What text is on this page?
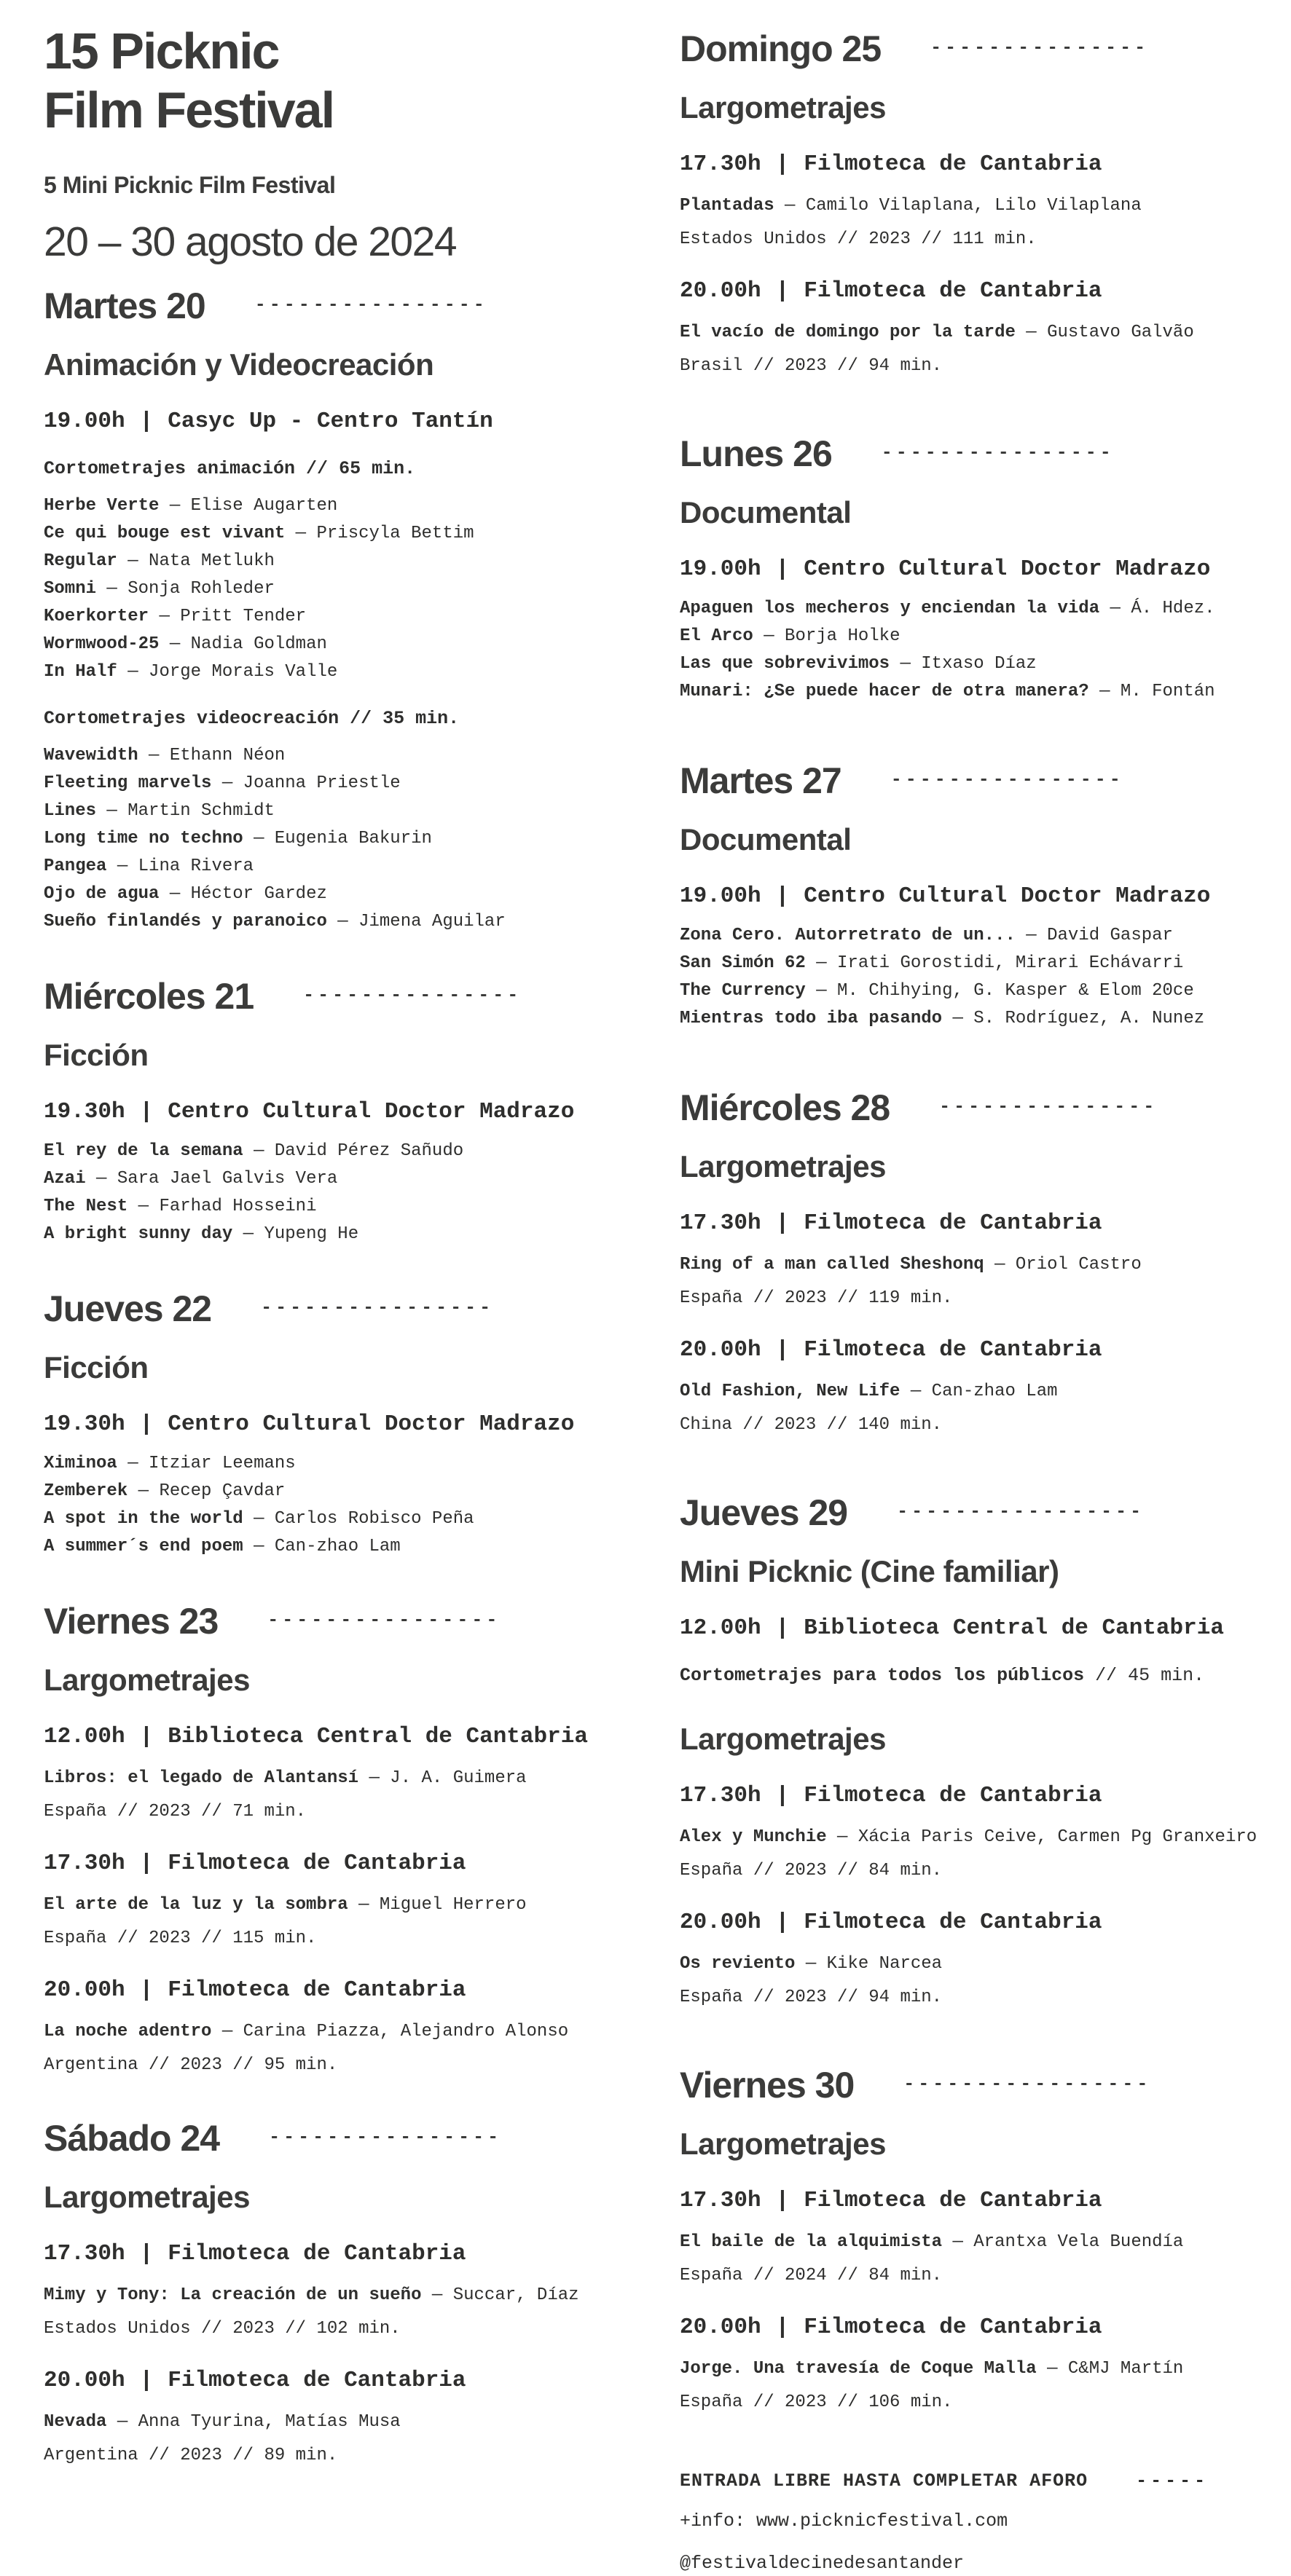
15 Picknic
Film Festival
5 Mini Picknic Film Festival
20 – 30 agosto de 2024
Martes 20	----------------
Animación y Videocreación
19.00h | Casyc Up - Centro Tantín
Cortometrajes animación // 65 min.
Herbe Verte — Elise Augarten
Ce qui bouge est vivant — Priscyla Bettim
Regular — Nata Metlukh
Somni — Sonja Rohleder
Koerkorter — Pritt Tender
Wormwood-25 — Nadia Goldman
In Half — Jorge Morais Valle
Cortometrajes videocreación // 35 min.
Wavewidth — Ethann Néon
Fleeting marvels — Joanna Priestle
Lines — Martin Schmidt
Long time no techno — Eugenia Bakurin
Pangea — Lina Rivera
Ojo de agua — Héctor Gardez
Sueño finlandés y paranoico — Jimena Aguilar
Miércoles 21	---------------
Ficción
19.30h | Centro Cultural Doctor Madrazo
El rey de la semana — David Pérez Sañudo
Azai — Sara Jael Galvis Vera
The Nest — Farhad Hosseini
A bright sunny day — Yupeng He
Jueves 22	----------------
Ficción
19.30h | Centro Cultural Doctor Madrazo
Ximinoa — Itziar Leemans
Zemberek — Recep Çavdar
A spot in the world — Carlos Robisco Peña
A summer´s end poem — Can-zhao Lam
Viernes 23	----------------
Largometrajes
12.00h | Biblioteca Central de Cantabria
Libros: el legado de Alantansí — J. A. Guimera
España // 2023 // 71 min.
17.30h | Filmoteca de Cantabria
El arte de la luz y la sombra — Miguel Herrero
España // 2023 // 115 min.
20.00h | Filmoteca de Cantabria
La noche adentro — Carina Piazza, Alejandro Alonso
Argentina // 2023 // 95 min.
Sábado 24	----------------
Largometrajes
17.30h | Filmoteca de Cantabria
Mimy y Tony: La creación de un sueño — Succar, Díaz
Estados Unidos // 2023 // 102 min.
20.00h | Filmoteca de Cantabria
Nevada — Anna Tyurina, Matías Musa
Argentina // 2023 // 89 min.
Domingo 25	---------------
Largometrajes
17.30h | Filmoteca de Cantabria
Plantadas — Camilo Vilaplana, Lilo Vilaplana
Estados Unidos // 2023 // 111 min.
20.00h | Filmoteca de Cantabria
El vacío de domingo por la tarde — Gustavo Galvão
Brasil // 2023 // 94 min.
Lunes 26	----------------
Documental
19.00h | Centro Cultural Doctor Madrazo
Apaguen los mecheros y enciendan la vida — Á. Hdez.
El Arco — Borja Holke
Las que sobrevivimos — Itxaso Díaz
Munari: ¿Se puede hacer de otra manera? — M. Fontán
Martes 27	----------------
Documental
19.00h | Centro Cultural Doctor Madrazo
Zona Cero. Autorretrato de un... — David Gaspar
San Simón 62 — Irati Gorostidi, Mirari Echávarri
The Currency — M. Chihying, G. Kasper & Elom 20ce
Mientras todo iba pasando — S. Rodríguez, A. Nunez
Miércoles 28	---------------
Largometrajes
17.30h | Filmoteca de Cantabria
Ring of a man called Sheshonq — Oriol Castro
España // 2023 // 119 min.
20.00h | Filmoteca de Cantabria
Old Fashion, New Life — Can-zhao Lam
China // 2023 // 140 min.
Jueves 29	-----------------
Mini Picknic (Cine familiar)
12.00h | Biblioteca Central de Cantabria
Cortometrajes para todos los públicos // 45 min.
Largometrajes
17.30h | Filmoteca de Cantabria
Alex y Munchie — Xácia Paris Ceive, Carmen Pg Granxeiro
España // 2023 // 84 min.
20.00h | Filmoteca de Cantabria
Os reviento — Kike Narcea
España // 2023 // 94 min.
Viernes 30	-----------------
Largometrajes
17.30h | Filmoteca de Cantabria
El baile de la alquimista — Arantxa Vela Buendía
España // 2024 // 84 min.
20.00h | Filmoteca de Cantabria
Jorge. Una travesía de Coque Malla — C&MJ Martín
España // 2023 // 106 min.
ENTRADA LIBRE HASTA COMPLETAR AFORO	-----
+info: www.picknicfestival.com
@festivaldecinedesantander
